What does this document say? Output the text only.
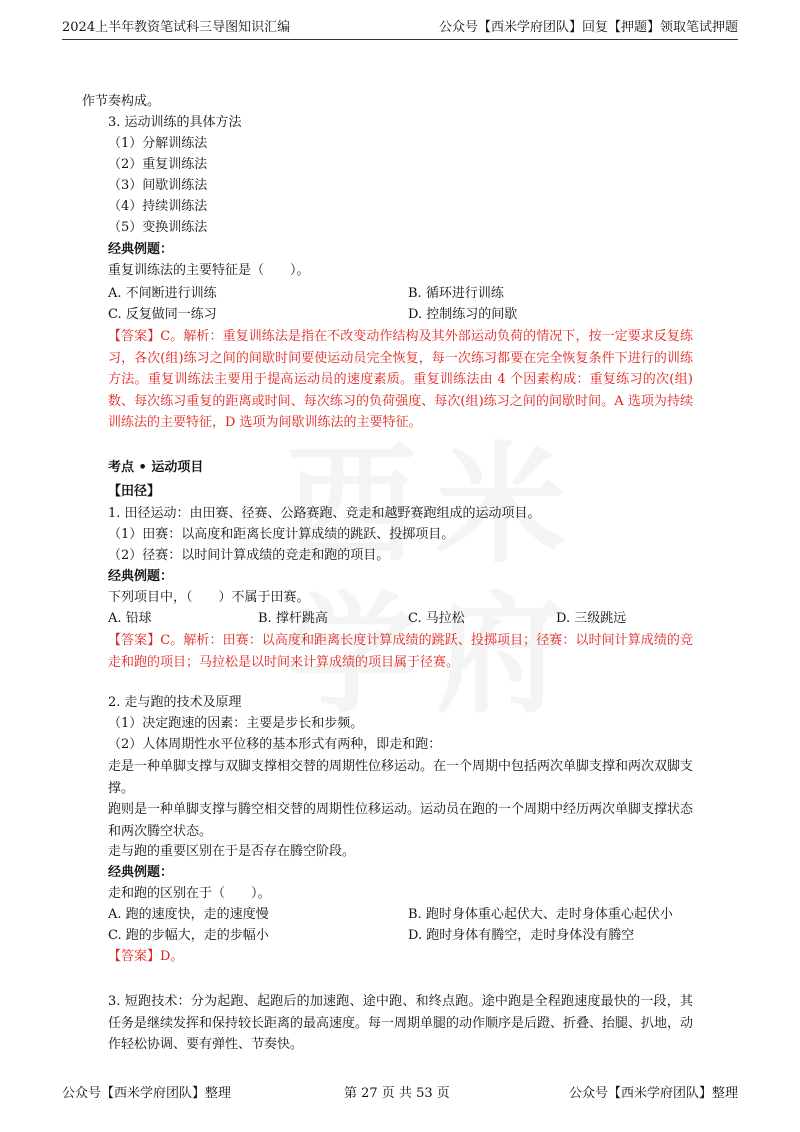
2024上半年教资笔试科三导图知识汇编	公众号【西米学府团队】回复【押题】领取笔试押题
作节奏构成。
3. 运动训练的具体方法
（1）分解训练法
（2）重复训练法
（3）间歇训练法
（4）持续训练法
（5）变换训练法
经典例题：
重复训练法的主要特征是（　　）。
A. 不间断进行训练	B. 循环进行训练
C. 反复做同一练习	D. 控制练习的间歇
【答案】C。解析：重复训练法是指在不改变动作结构及其外部运动负荷的情况下，按一定要求反复练习，各次(组)练习之间的间歇时间要使运动员完全恢复，每一次练习都要在完全恢复条件下进行的训练方法。重复训练法主要用于提高运动员的速度素质。重复训练法由 4 个因素构成：重复练习的次(组)数、每次练习重复的距离或时间、每次练习的负荷强度、每次(组)练习之间的间歇时间。A 选项为持续训练法的主要特征，D 选项为间歇训练法的主要特征。
考点 • 运动项目
【田径】
1. 田径运动：由田赛、径赛、公路赛跑、竞走和越野赛跑组成的运动项目。
（1）田赛：以高度和距离长度计算成绩的跳跃、投掷项目。
（2）径赛：以时间计算成绩的竞走和跑的项目。
经典例题：
下列项目中，（　　）不属于田赛。
A. 铅球	B. 撑杆跳高	C. 马拉松	D. 三级跳远
【答案】C。解析：田赛：以高度和距离长度计算成绩的跳跃、投掷项目；径赛：以时间计算成绩的竞走和跑的项目；马拉松是以时间来计算成绩的项目属于径赛。
2. 走与跑的技术及原理
（1）决定跑速的因素：主要是步长和步频。
（2）人体周期性水平位移的基本形式有两种，即走和跑：
走是一种单脚支撑与双脚支撑相交替的周期性位移运动。在一个周期中包括两次单脚支撑和两次双脚支撑。
跑则是一种单脚支撑与腾空相交替的周期性位移运动。运动员在跑的一个周期中经历两次单脚支撑状态和两次腾空状态。
走与跑的重要区别在于是否存在腾空阶段。
经典例题：
走和跑的区别在于（　　）。
A. 跑的速度快，走的速度慢	B. 跑时身体重心起伏大、走时身体重心起伏小
C. 跑的步幅大，走的步幅小	D. 跑时身体有腾空，走时身体没有腾空
【答案】D。
3. 短跑技术：分为起跑、起跑后的加速跑、途中跑、和终点跑。途中跑是全程跑速度最快的一段，其任务是继续发挥和保持较长距离的最高速度。每一周期单腿的动作顺序是后蹬、折叠、抬腿、扒地，动作轻松协调、要有弹性、节奏快。
公众号【西米学府团队】整理	第 27 页 共 53 页	公众号【西米学府团队】整理
